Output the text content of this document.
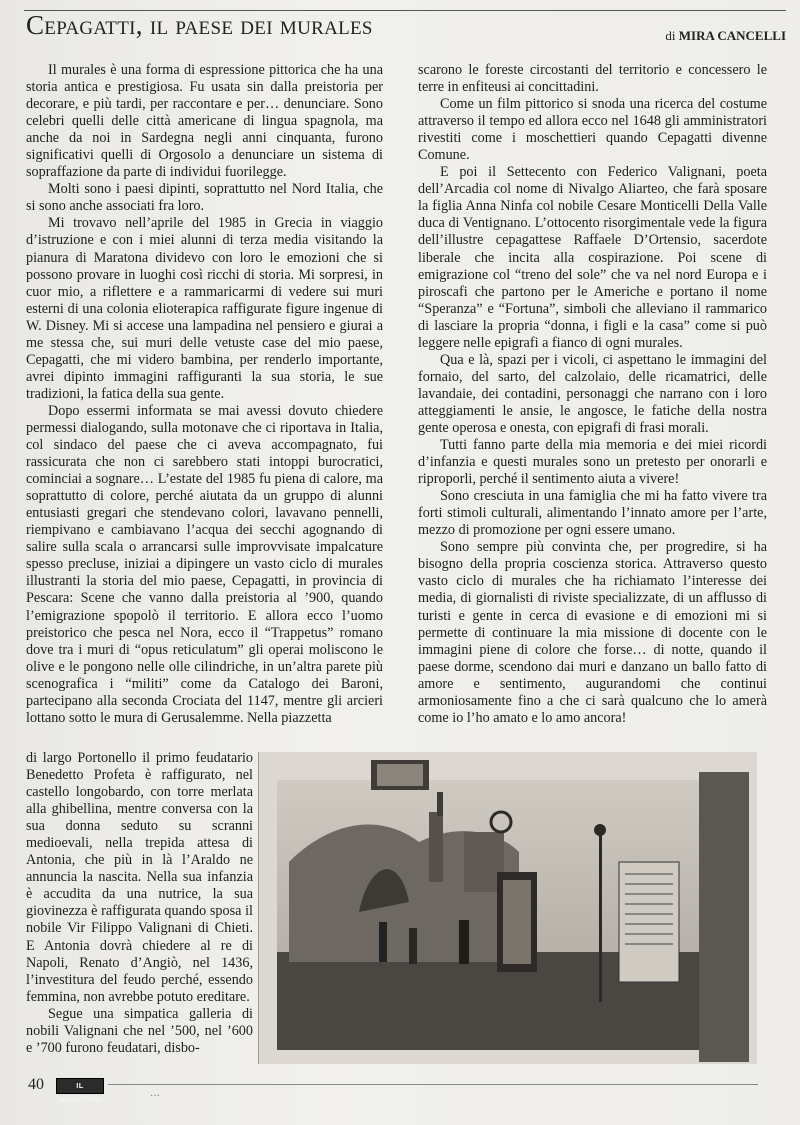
Cepagatti, il paese dei murales	di MIRA CANCELLI

Il murales è una forma di espressione pittorica che ha una storia antica e prestigiosa. Fu usata sin dalla preistoria per decorare, e più tardi, per raccontare e per… denunciare. Sono celebri quelli delle città americane di lingua spagnola, ma anche da noi in Sardegna negli anni cinquanta, furono significativi quelli di Orgosolo a denunciare un sistema di sopraffazione da parte di individui fuorilegge.

Molti sono i paesi dipinti, soprattutto nel Nord Italia, che si sono anche associati fra loro.

Mi trovavo nell’aprile del 1985 in Grecia in viaggio d’istruzione e con i miei alunni di terza media visitando la pianura di Maratona dividevo con loro le emozioni che si possono provare in luoghi così ricchi di storia. Mi sorpresi, in cuor mio, a riflettere e a rammaricarmi di vedere sui muri esterni di una colonia elioterapica raffigurate figure ingenue di W. Disney. Mi si accese una lampadina nel pensiero e giurai a me stessa che, sui muri delle vetuste case del mio paese, Cepagatti, che mi videro bambina, per renderlo importante, avrei dipinto immagini raffiguranti la sua storia, le sue tradizioni, la fatica della sua gente.

Dopo essermi informata se mai avessi dovuto chiedere permessi dialogando, sulla motonave che ci riportava in Italia, col sindaco del paese che ci aveva accompagnato, fui rassicurata che non ci sarebbero stati intoppi burocratici, cominciai a sognare… L’estate del 1985 fu piena di calore, ma soprattutto di colore, perché aiutata da un gruppo di alunni entusiasti gregari che stendevano colori, lavavano pennelli, riempivano e cambiavano l’acqua dei secchi agognando di salire sulla scala o arrancarsi sulle improvvisate impalcature spesso precluse, iniziai a dipingere un vasto ciclo di murales illustranti la storia del mio paese, Cepagatti, in provincia di Pescara: Scene che vanno dalla preistoria al ’900, quando l’emigrazione spopolò il territorio. E allora ecco l’uomo preistorico che pesca nel Nora, ecco il “Trappetus” romano dove tra i muri di “opus reticulatum” gli operai moliscono le olive e le pongono nelle olle cilindriche, in un’altra parete più scenografica i “militi” come da Catalogo dei Baroni, partecipano alla seconda Crociata del 1147, mentre gli arcieri lottano sotto le mura di Gerusalemme. Nella piazzetta

scarono le foreste circostanti del territorio e concessero le terre in enfiteusi ai concittadini.

Come un film pittorico si snoda una ricerca del costume attraverso il tempo ed allora ecco nel 1648 gli amministratori rivestiti come i moschettieri quando Cepagatti divenne Comune.

E poi il Settecento con Federico Valignani, poeta dell’Arcadia col nome di Nivalgo Aliarteo, che farà sposare la figlia Anna Ninfa col nobile Cesare Monticelli Della Valle duca di Ventignano. L’ottocento risorgimentale vede la figura dell’illustre cepagattese Raffaele D’Ortensio, sacerdote liberale che incita alla cospirazione. Poi scene di emigrazione col “treno del sole” che va nel nord Europa e i piroscafi che partono per le Americhe e portano il nome “Speranza” e “Fortuna”, simboli che alleviano il rammarico di lasciare la propria “donna, i figli e la casa” come si può leggere nelle epigrafi a fianco di ogni murales.

Qua e là, spazi per i vicoli, ci aspettano le immagini del fornaio, del sarto, del calzolaio, delle ricamatrici, delle lavandaie, dei contadini, personaggi che narrano con i loro atteggiamenti le ansie, le angosce, le fatiche della nostra gente operosa e onesta, con epigrafi di frasi morali.

Tutti fanno parte della mia memoria e dei miei ricordi d’infanzia e questi murales sono un pretesto per onorarli e riproporli, perché il sentimento aiuta a vivere!

Sono cresciuta in una famiglia che mi ha fatto vivere tra forti stimoli culturali, alimentando l’innato amore per l’arte, mezzo di promozione per ogni essere umano.

Sono sempre più convinta che, per progredire, si ha bisogno della propria coscienza storica. Attraverso questo vasto ciclo di murales che ha richiamato l’interesse dei media, di giornalisti di riviste specializzate, di un afflusso di turisti e gente in cerca di evasione e di emozioni mi si permette di continuare la mia missione di docente con le immagini piene di colore che forse… di notte, quando il paese dorme, scendono dai muri e danzano un ballo fatto di amore e sentimento, augurandomi che continui armoniosamente fino a che ci sarà qualcuno che lo amerà come io l’ho amato e lo amo ancora!

di largo Portonello il primo feudatario Benedetto Profeta è raffigurato, nel castello longobardo, con torre merlata alla ghibellina, mentre conversa con la sua donna seduto su scranni medioevali, nella trepida attesa di Antonia, che più in là l’Araldo ne annuncia la nascita. Nella sua infanzia è accudita da una nutrice, la sua giovinezza è raffigurata quando sposa il nobile Vir Filippo Valignani di Chieti. E Antonia dovrà chiedere al re di Napoli, Renato d’Angiò, nel 1436, l’investitura del feudo perché, essendo femmina, non avrebbe potuto ereditare.

Segue una simpatica galleria di nobili Valignani che nel ’500, nel ’600 e ’700 furono feudatari, disbo-

…
40	IL MONITORE
